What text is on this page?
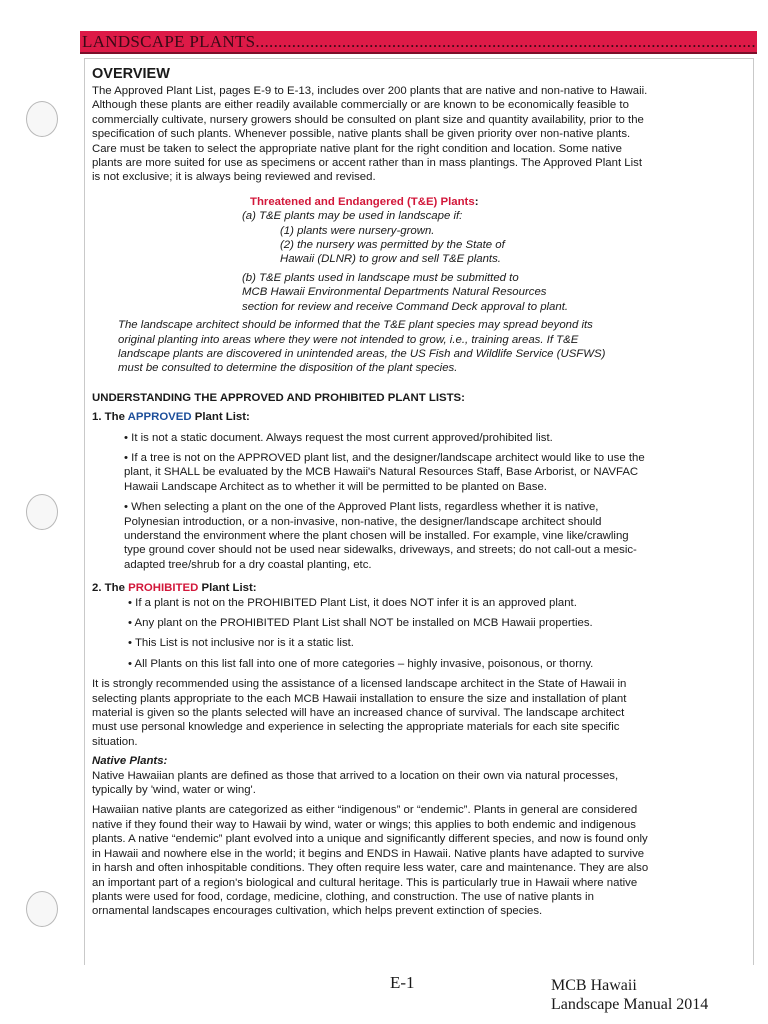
LANDSCAPE PLANTS..............................................................................................................
OVERVIEW

The Approved Plant List, pages E-9 to E-13, includes over 200 plants that are native and non-native to Hawaii.

Although these plants are either readily available commercially or are known to be economically feasible to

commercially cultivate, nursery growers should be consulted on plant size and quantity availability, prior to the

specification of such plants. Whenever possible, native plants shall be given priority over non-native plants.

Care must be taken to select the appropriate native plant for the right condition and location. Some native

plants are more suited for use as specimens or accent rather than in mass plantings. The Approved Plant List

is not exclusive; it is always being reviewed and revised.

Threatened and Endangered (T&E) Plants:

(a) T&E plants may be used in landscape if:

(1) plants were nursery-grown.

(2) the nursery was permitted by the State of

Hawaii (DLNR) to grow and sell T&E plants.

(b) T&E plants used in landscape must be submitted to

MCB Hawaii Environmental Departments Natural Resources

section for review and receive Command Deck approval to plant.

The landscape architect should be informed that the T&E plant species may spread beyond its

original planting into areas where they were not intended to grow, i.e., training areas. If T&E

landscape plants are discovered in unintended areas, the US Fish and Wildlife Service (USFWS)

must be consulted to determine the disposition of the plant species.

UNDERSTANDING THE APPROVED AND PROHIBITED PLANT LISTS:
1. The APPROVED Plant List:

• It is not a static document. Always request the most current approved/prohibited list.

• If a tree is not on the APPROVED plant list, and the designer/landscape architect would like to use the

plant, it SHALL be evaluated by the MCB Hawaii's Natural Resources Staff, Base Arborist, or NAVFAC

Hawaii Landscape Architect as to whether it will be permitted to be planted on Base.

• When selecting a plant on the one of the Approved Plant lists, regardless whether it is native,

Polynesian introduction, or a non-invasive, non-native, the designer/landscape architect should

understand the environment where the plant chosen will be installed. For example, vine like/crawling

type ground cover should not be used near sidewalks, driveways, and streets; do not call-out a mesic-

adapted tree/shrub for a dry coastal planting, etc.

2. The PROHIBITED Plant List:

• If a plant is not on the PROHIBITED Plant List, it does NOT infer it is an approved plant.

• Any plant on the PROHIBITED Plant List shall NOT be installed on MCB Hawaii properties.

• This List is not inclusive nor is it a static list.

• All Plants on this list fall into one of more categories – highly invasive, poisonous, or thorny.

It is strongly recommended using the assistance of a licensed landscape architect in the State of Hawaii in

selecting plants appropriate to the each MCB Hawaii installation to ensure the size and installation of plant

material is given so the plants selected will have an increased chance of survival. The landscape architect

must use personal knowledge and experience in selecting the appropriate materials for each site specific

situation.

Native Plants:

Native Hawaiian plants are defined as those that arrived to a location on their own via natural processes,

typically by 'wind, water or wing'.

Hawaiian native plants are categorized as either “indigenous” or “endemic”. Plants in general are considered

native if they found their way to Hawaii by wind, water or wings; this applies to both endemic and indigenous

plants. A native “endemic” plant evolved into a unique and significantly different species, and now is found only

in Hawaii and nowhere else in the world; it begins and ENDS in Hawaii. Native plants have adapted to survive

in harsh and often inhospitable conditions. They often require less water, care and maintenance. They are also

an important part of a region's biological and cultural heritage. This is particularly true in Hawaii where native

plants were used for food, cordage, medicine, clothing, and construction. The use of native plants in

ornamental landscapes encourages cultivation, which helps prevent extinction of species.

E-1	MCB Hawaii
Landscape Manual 2014
